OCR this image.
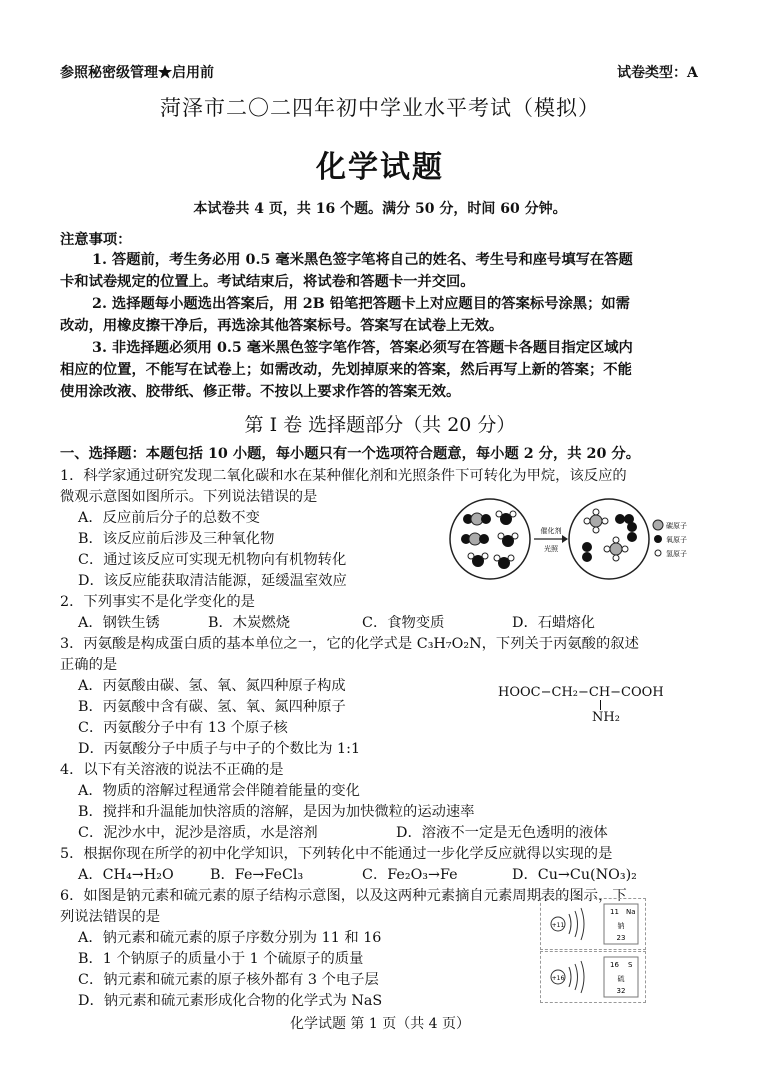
参照秘密级管理★启用前	试卷类型：A
菏泽市二〇二四年初中学业水平考试（模拟）
化学试题
本试卷共 4 页，共 16 个题。满分 50 分，时间 60 分钟。
注意事项：
1. 答题前，考生务必用 0.5 毫米黑色签字笔将自己的姓名、考生号和座号填写在答题
卡和试卷规定的位置上。考试结束后，将试卷和答题卡一并交回。
2. 选择题每小题选出答案后，用 2B 铅笔把答题卡上对应题目的答案标号涂黑；如需
改动，用橡皮擦干净后，再选涂其他答案标号。答案写在试卷上无效。
3. 非选择题必须用 0.5 毫米黑色签字笔作答，答案必须写在答题卡各题目指定区域内
相应的位置，不能写在试卷上；如需改动，先划掉原来的答案，然后再写上新的答案；不能
使用涂改液、胶带纸、修正带。不按以上要求作答的答案无效。
第 I 卷 选择题部分（共 20 分）
一、选择题：本题包括 10 小题，每小题只有一个选项符合题意，每小题 2 分，共 20 分。
1．科学家通过研究发现二氧化碳和水在某种催化剂和光照条件下可转化为甲烷，该反应的
微观示意图如图所示。下列说法错误的是
A．反应前后分子的总数不变
B．该反应前后涉及三种氧化物
C．通过该反应可实现无机物向有机物转化
D．该反应能获取清洁能源，延缓温室效应
催化剂
光照
碳原子
氧原子
氢原子
2．下列事实不是化学变化的是
A．钢铁生锈	B．木炭燃烧	C．食物变质	D．石蜡熔化
3．丙氨酸是构成蛋白质的基本单位之一，它的化学式是 C₃H₇O₂N，下列关于丙氨酸的叙述
正确的是
A．丙氨酸由碳、氢、氧、氮四种原子构成
B．丙氨酸中含有碳、氢、氧、氮四种原子
C．丙氨酸分子中有 13 个原子核
D．丙氨酸分子中质子与中子的个数比为 1:1
HOOC−CH₂−CH−COOH
NH₂
4．以下有关溶液的说法不正确的是
A．物质的溶解过程通常会伴随着能量的变化
B．搅拌和升温能加快溶质的溶解，是因为加快微粒的运动速率
C．泥沙水中，泥沙是溶质，水是溶剂	D．溶液不一定是无色透明的液体
5．根据你现在所学的初中化学知识，下列转化中不能通过一步化学反应就得以实现的是
A．CH₄→H₂O	B．Fe→FeCl₃	C．Fe₂O₃→Fe	D．Cu→Cu(NO₃)₂
6．如图是钠元素和硫元素的原子结构示意图，以及这两种元素摘自元素周期表的图示，下
列说法错误的是
A．钠元素和硫元素的原子序数分别为 11 和 16
B．1 个钠原子的质量小于 1 个硫原子的质量
C．钠元素和硫元素的原子核外都有 3 个电子层
D．钠元素和硫元素形成化合物的化学式为 NaS
+11
11 Na
钠
23
+16
16 S
硫
32
化学试题 第 1 页（共 4 页）
